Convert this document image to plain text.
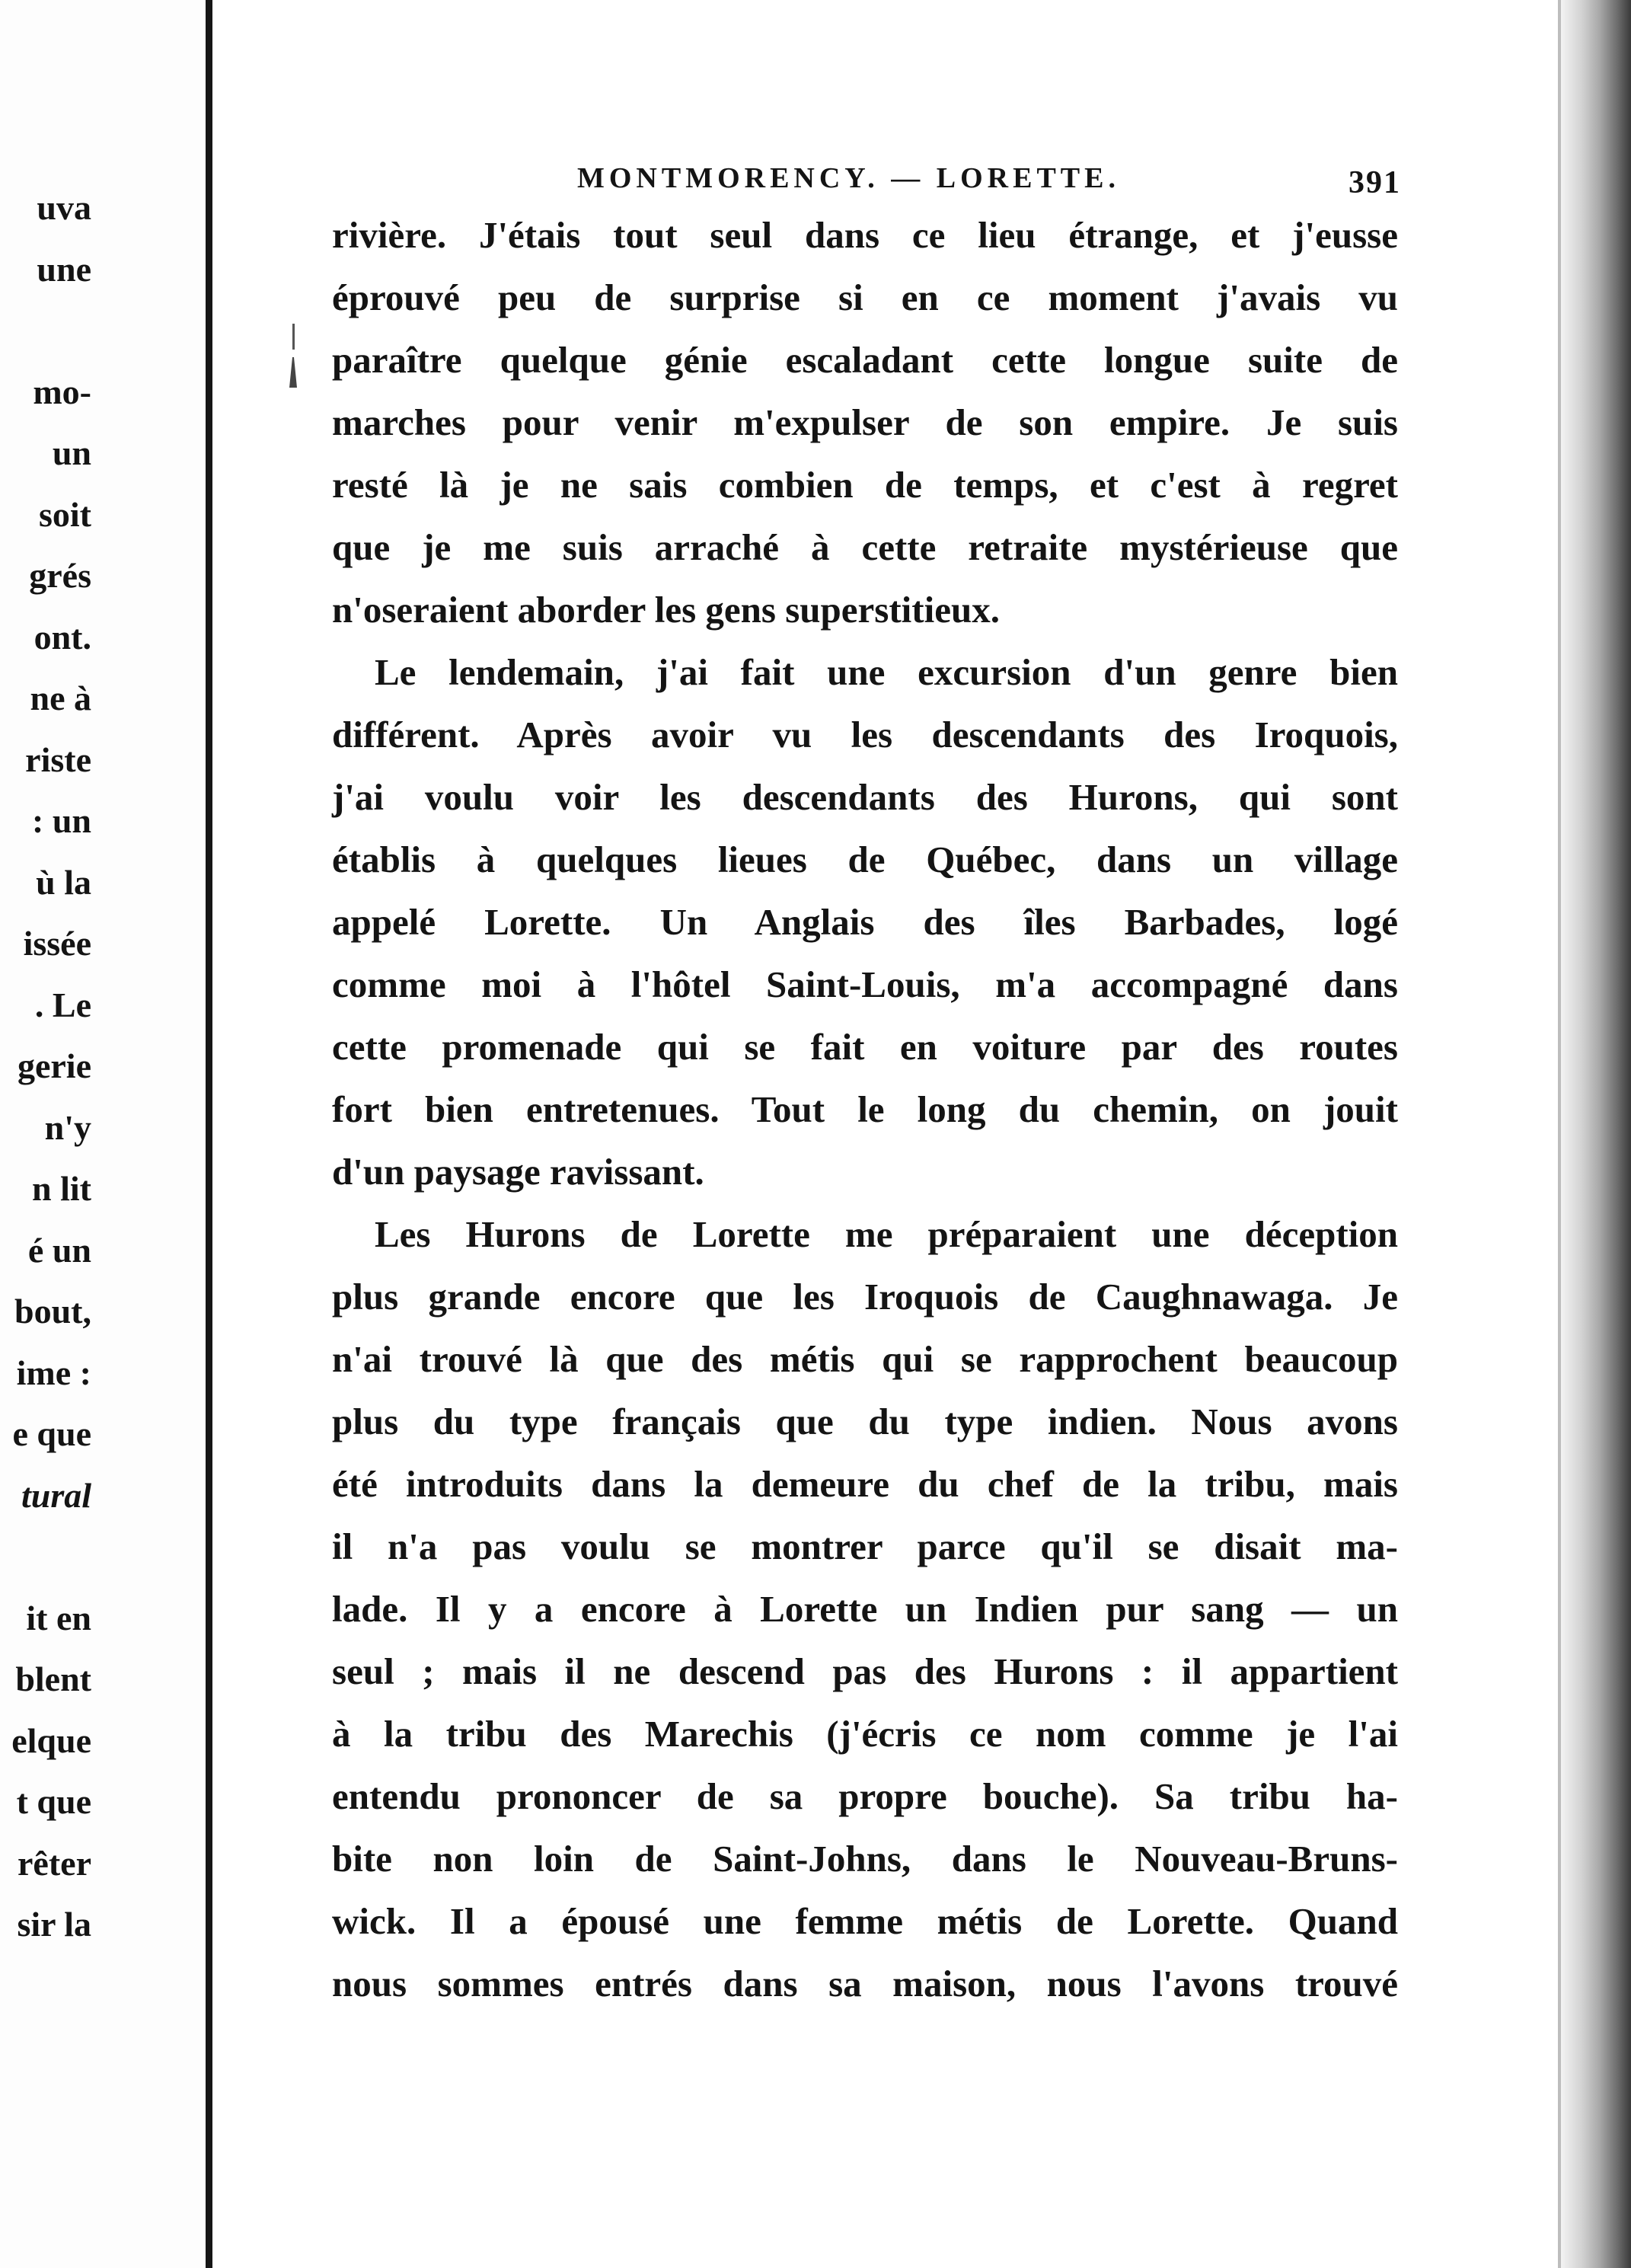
uva
une
mo-
un
soit
grés
ont.
ne à
riste
: un
ù la
issée
. Le
gerie
n'y
n lit
é un
bout,
ime :
e que
tural
it en
blent
elque
t que
rêter
sir la
MONTMORENCY. — LORETTE.	391
rivière. J'étais tout seul dans ce lieu étrange, et j'eusse
éprouvé peu de surprise si en ce moment j'avais vu
paraître quelque génie escaladant cette longue suite de
marches pour venir m'expulser de son empire. Je suis
resté là je ne sais combien de temps, et c'est à regret
que je me suis arraché à cette retraite mystérieuse que
n'oseraient aborder les gens superstitieux.
Le lendemain, j'ai fait une excursion d'un genre bien
différent. Après avoir vu les descendants des Iroquois,
j'ai voulu voir les descendants des Hurons, qui sont
établis à quelques lieues de Québec, dans un village
appelé Lorette. Un Anglais des îles Barbades, logé
comme moi à l'hôtel Saint-Louis, m'a accompagné dans
cette promenade qui se fait en voiture par des routes
fort bien entretenues. Tout le long du chemin, on jouit
d'un paysage ravissant.
Les Hurons de Lorette me préparaient une déception
plus grande encore que les Iroquois de Caughnawaga. Je
n'ai trouvé là que des métis qui se rapprochent beaucoup
plus du type français que du type indien. Nous avons
été introduits dans la demeure du chef de la tribu, mais
il n'a pas voulu se montrer parce qu'il se disait ma-
lade. Il y a encore à Lorette un Indien pur sang — un
seul ; mais il ne descend pas des Hurons : il appartient
à la tribu des Marechis (j'écris ce nom comme je l'ai
entendu prononcer de sa propre bouche). Sa tribu ha-
bite non loin de Saint-Johns, dans le Nouveau-Bruns-
wick. Il a épousé une femme métis de Lorette. Quand
nous sommes entrés dans sa maison, nous l'avons trouvé
